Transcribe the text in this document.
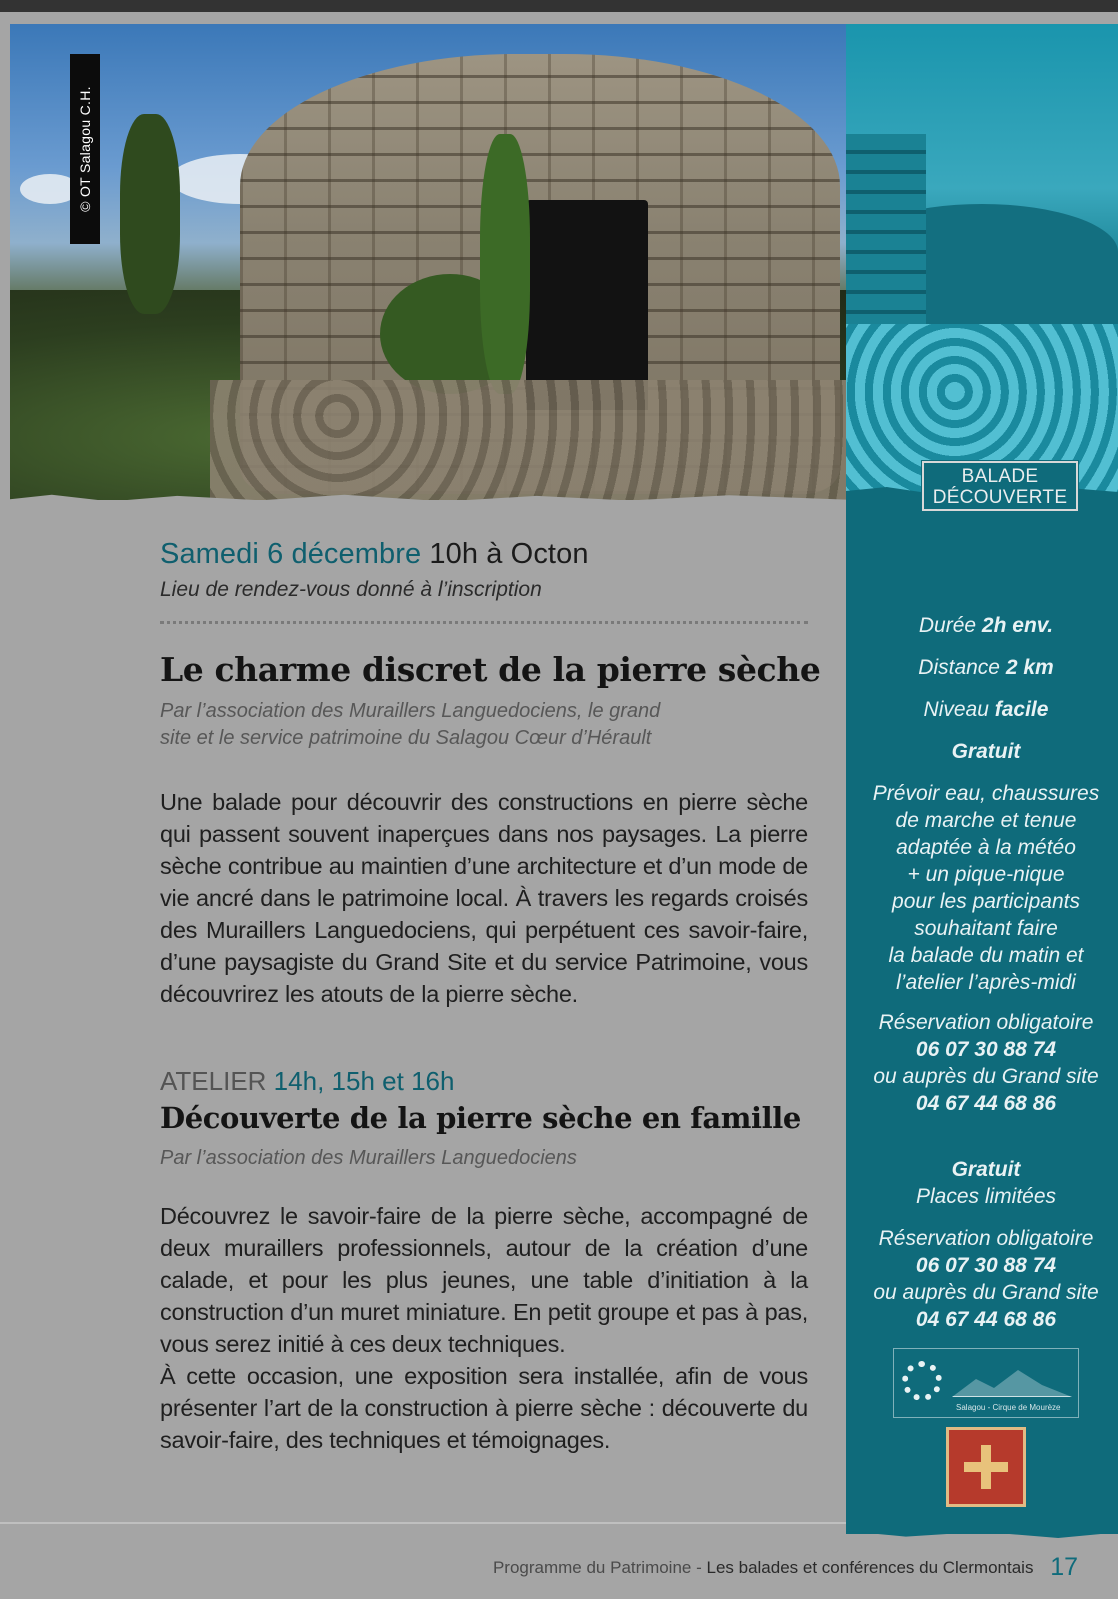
© OT Salagou C.H.
BALADE
DÉCOUVERTE
Durée 2h env.
Distance 2 km
Niveau facile
Gratuit
Prévoir eau, chaussures
de marche et tenue
adaptée à la météo
+ un pique-nique
pour les participants
souhaitant faire
la balade du matin et
l’atelier l’après-midi
Réservation obligatoire
06 07 30 88 74
ou auprès du Grand site
04 67 44 68 86
Gratuit
Places limitées
Réservation obligatoire
06 07 30 88 74
ou auprès du Grand site
04 67 44 68 86
Salagou - Cirque de Mourèze
Samedi 6 décembre 10h à Octon
Lieu de rendez-vous donné à l’inscription
Le charme discret de la pierre sèche
Par l’association des Muraillers Languedociens, le grand
site et le service patrimoine du Salagou Cœur d’Hérault
Une balade pour découvrir des constructions en pierre sèche qui passent souvent inaperçues dans nos paysages. La pierre sèche contribue au maintien d’une architecture et d’un mode de vie ancré dans le patrimoine local. À travers les regards croisés des Muraillers Languedociens, qui perpétuent ces savoir-faire, d’une paysagiste du Grand Site et du service Patrimoine, vous découvrirez les atouts de la pierre sèche.
ATELIER 14h, 15h et 16h
Découverte de la pierre sèche en famille
Par l’association des Muraillers Languedociens
Découvrez le savoir-faire de la pierre sèche, accompagné de deux muraillers professionnels, autour de la création d’une calade, et pour les plus jeunes, une table d’initiation à la construction d’un muret miniature. En petit groupe et pas à pas, vous serez initié à ces deux techniques.
À cette occasion, une exposition sera installée, afin de vous présenter l’art de la construction à pierre sèche : découverte du savoir-faire, des techniques et témoignages.
Programme du Patrimoine - Les balades et conférences du Clermontais 17
